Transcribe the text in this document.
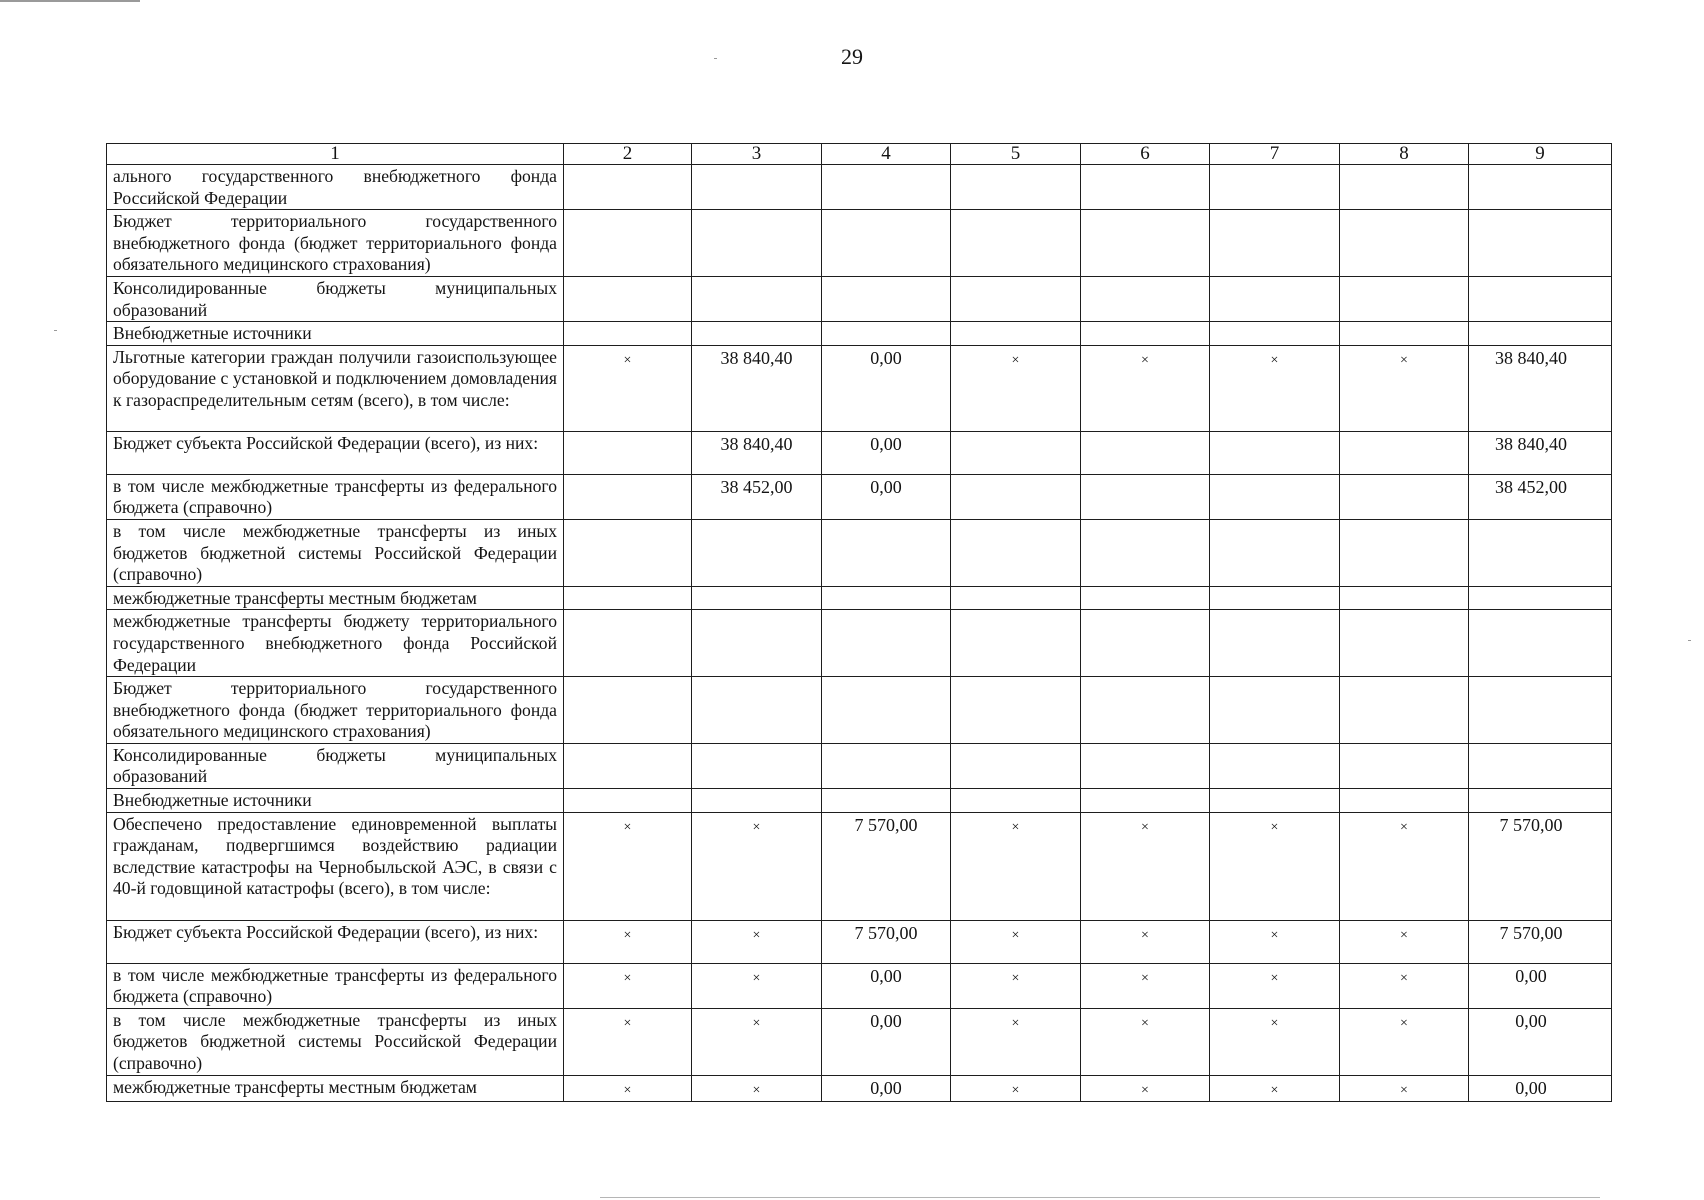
29
1	2	3	4	5	6	7	8	9
ального государственного внебюджетного фонда Российской Федерации								
Бюджет территориального государственного внебюджетного фонда (бюджет территориального фонда обязательного медицинского страхования)								
Консолидированные бюджеты муниципальных образований								
Внебюджетные источники								
Льготные категории граждан получили газоиспользующее оборудование с установкой и подключением домовладения к газораспределительным сетям (всего), в том числе:	×	38 840,40	0,00	×	×	×	×	38 840,40
Бюджет субъекта Российской Федерации (всего), из них:		38 840,40	0,00					38 840,40
в том числе межбюджетные трансферты из федерального бюджета (справочно)		38 452,00	0,00					38 452,00
в том числе межбюджетные трансферты из иных бюджетов бюджетной системы Российской Федерации (справочно)								
межбюджетные трансферты местным бюджетам								
межбюджетные трансферты бюджету территориального государственного внебюджетного фонда Российской Федерации								
Бюджет территориального государственного внебюджетного фонда (бюджет территориального фонда обязательного медицинского страхования)								
Консолидированные бюджеты муниципальных образований								
Внебюджетные источники								
Обеспечено предоставление единовременной выплаты гражданам, подвергшимся воздействию радиации вследствие катастрофы на Чернобыльской АЭС, в связи с 40-й годовщиной катастрофы (всего), в том числе:	×	×	7 570,00	×	×	×	×	7 570,00
Бюджет субъекта Российской Федерации (всего), из них:	×	×	7 570,00	×	×	×	×	7 570,00
в том числе межбюджетные трансферты из федерального бюджета (справочно)	×	×	0,00	×	×	×	×	0,00
в том числе межбюджетные трансферты из иных бюджетов бюджетной системы Российской Федерации (справочно)	×	×	0,00	×	×	×	×	0,00
межбюджетные трансферты местным бюджетам	×	×	0,00	×	×	×	×	0,00
